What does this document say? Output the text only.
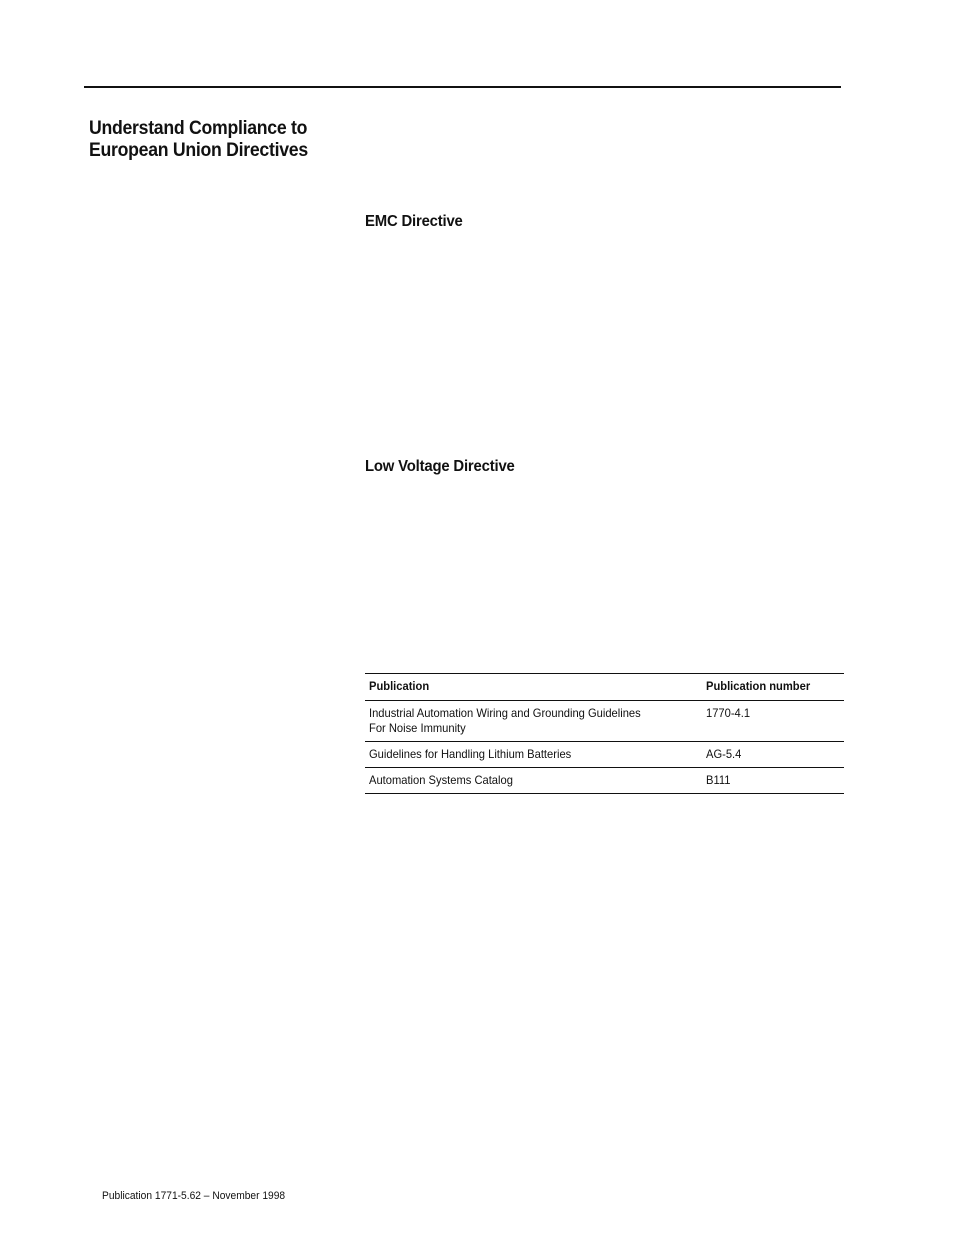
Understand Compliance to
European Union Directives
EMC Directive
Low Voltage Directive
Publication	Publication number

Industrial Automation Wiring and Grounding Guidelines
For Noise Immunity	1770-4.1

Guidelines for Handling Lithium Batteries	AG-5.4

Automation Systems Catalog	B111
Publication 1771-5.62 – November 1998
